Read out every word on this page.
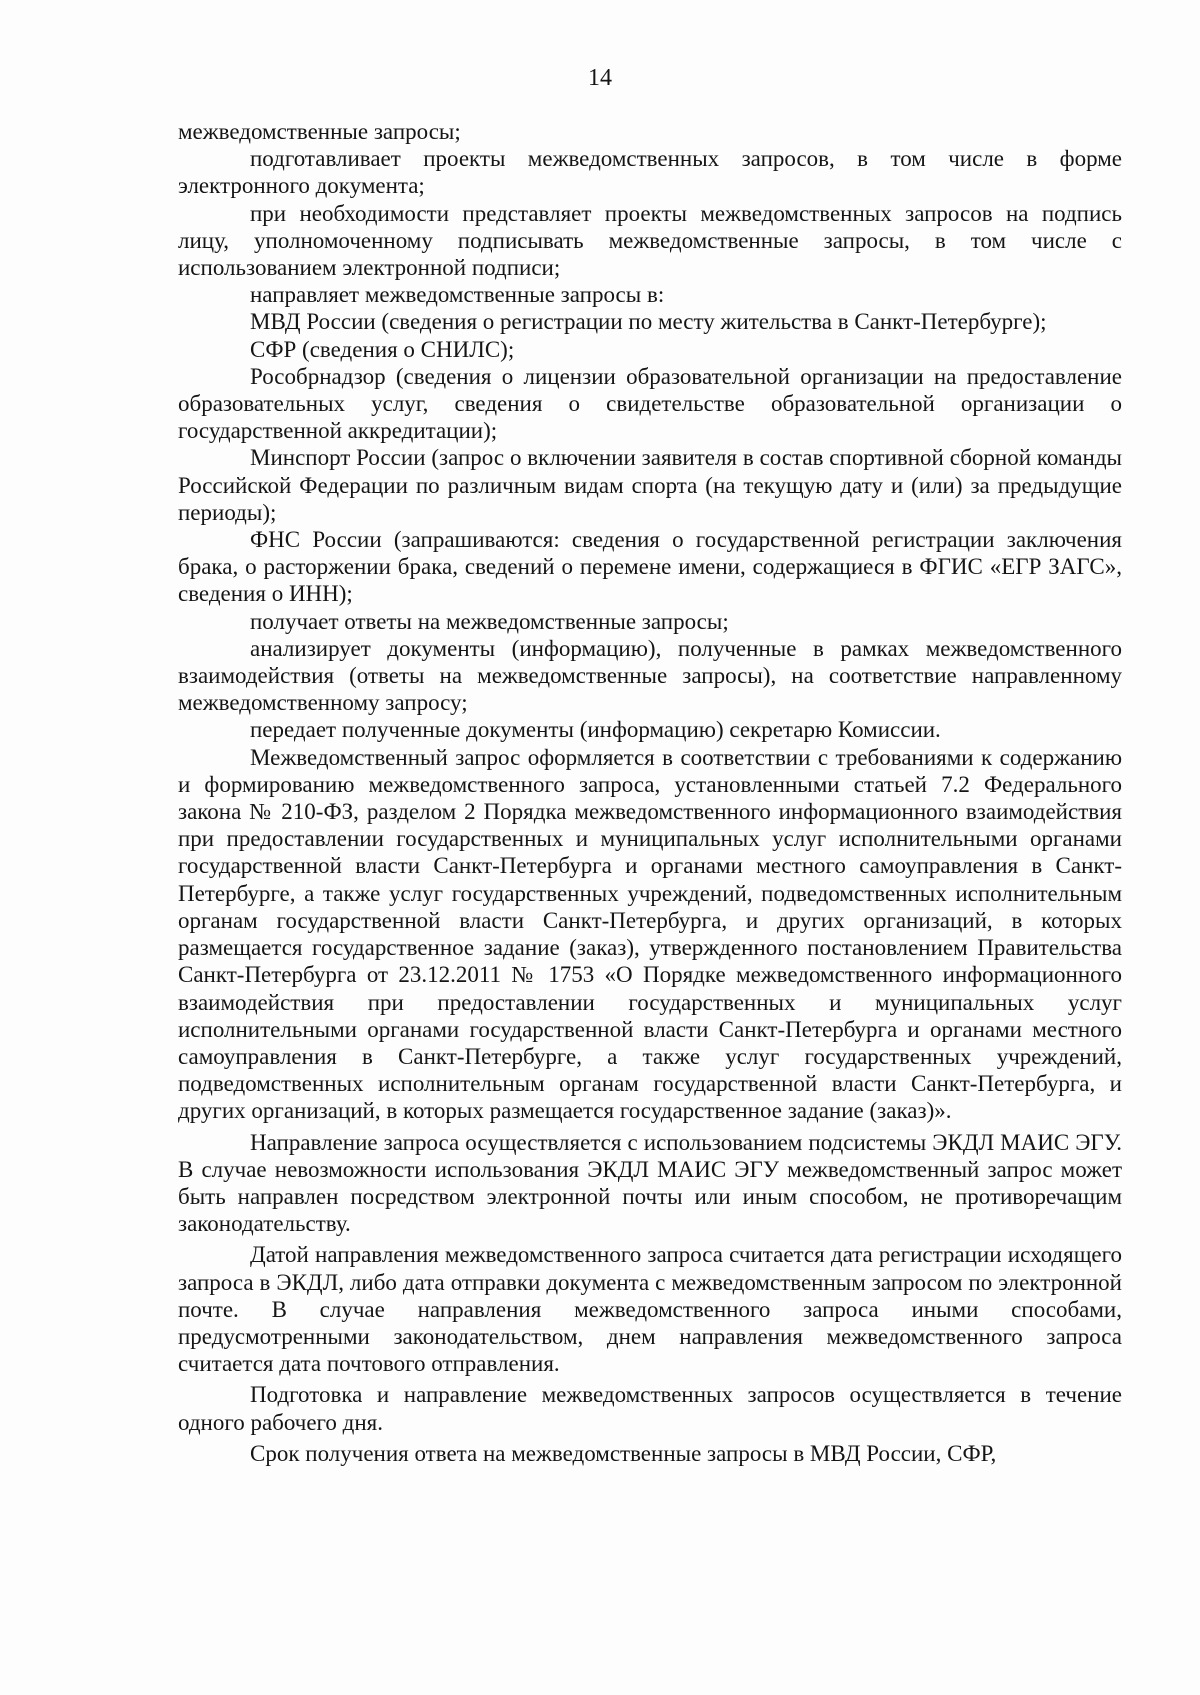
14

межведомственные запросы;

подготавливает проекты межведомственных запросов, в том числе в форме электронного документа;

при необходимости представляет проекты межведомственных запросов на подпись лицу, уполномоченному подписывать межведомственные запросы, в том числе с использованием электронной подписи;

направляет межведомственные запросы в:

МВД России (сведения о регистрации по месту жительства в Санкт-Петербурге);

СФР (сведения о СНИЛС);

Рособрнадзор (сведения о лицензии образовательной организации на предоставление образовательных услуг, сведения о свидетельстве образовательной организации о государственной аккредитации);

Минспорт России (запрос о включении заявителя в состав спортивной сборной команды Российской Федерации по различным видам спорта (на текущую дату и (или) за предыдущие периоды);

ФНС России (запрашиваются: сведения о государственной регистрации заключения брака, о расторжении брака, сведений о перемене имени, содержащиеся в ФГИС «ЕГР ЗАГС», сведения о ИНН);

получает ответы на межведомственные запросы;

анализирует документы (информацию), полученные в рамках межведомственного взаимодействия (ответы на межведомственные запросы), на соответствие направленному межведомственному запросу;

передает полученные документы (информацию) секретарю Комиссии.

Межведомственный запрос оформляется в соответствии с требованиями к содержанию и формированию межведомственного запроса, установленными статьей 7.2 Федерального закона № 210-ФЗ, разделом 2 Порядка межведомственного информационного взаимодействия при предоставлении государственных и муниципальных услуг исполнительными органами государственной власти Санкт-Петербурга и органами местного самоуправления в Санкт-Петербурге, а также услуг государственных учреждений, подведомственных исполнительным органам государственной власти Санкт-Петербурга, и других организаций, в которых размещается государственное задание (заказ), утвержденного постановлением Правительства Санкт-Петербурга от 23.12.2011 № 1753 «О Порядке межведомственного информационного взаимодействия при предоставлении государственных и муниципальных услуг исполнительными органами государственной власти Санкт-Петербурга и органами местного самоуправления в Санкт-Петербурге, а также услуг государственных учреждений, подведомственных исполнительным органам государственной власти Санкт-Петербурга, и других организаций, в которых размещается государственное задание (заказ)».

Направление запроса осуществляется с использованием подсистемы ЭКДЛ МАИС ЭГУ. В случае невозможности использования ЭКДЛ МАИС ЭГУ межведомственный запрос может быть направлен посредством электронной почты или иным способом, не противоречащим законодательству.

Датой направления межведомственного запроса считается дата регистрации исходящего запроса в ЭКДЛ, либо дата отправки документа с межведомственным запросом по электронной почте. В случае направления межведомственного запроса иными способами, предусмотренными законодательством, днем направления межведомственного запроса считается дата почтового отправления.

Подготовка и направление межведомственных запросов осуществляется в течение одного рабочего дня.

Срок получения ответа на межведомственные запросы в МВД России, СФР,
